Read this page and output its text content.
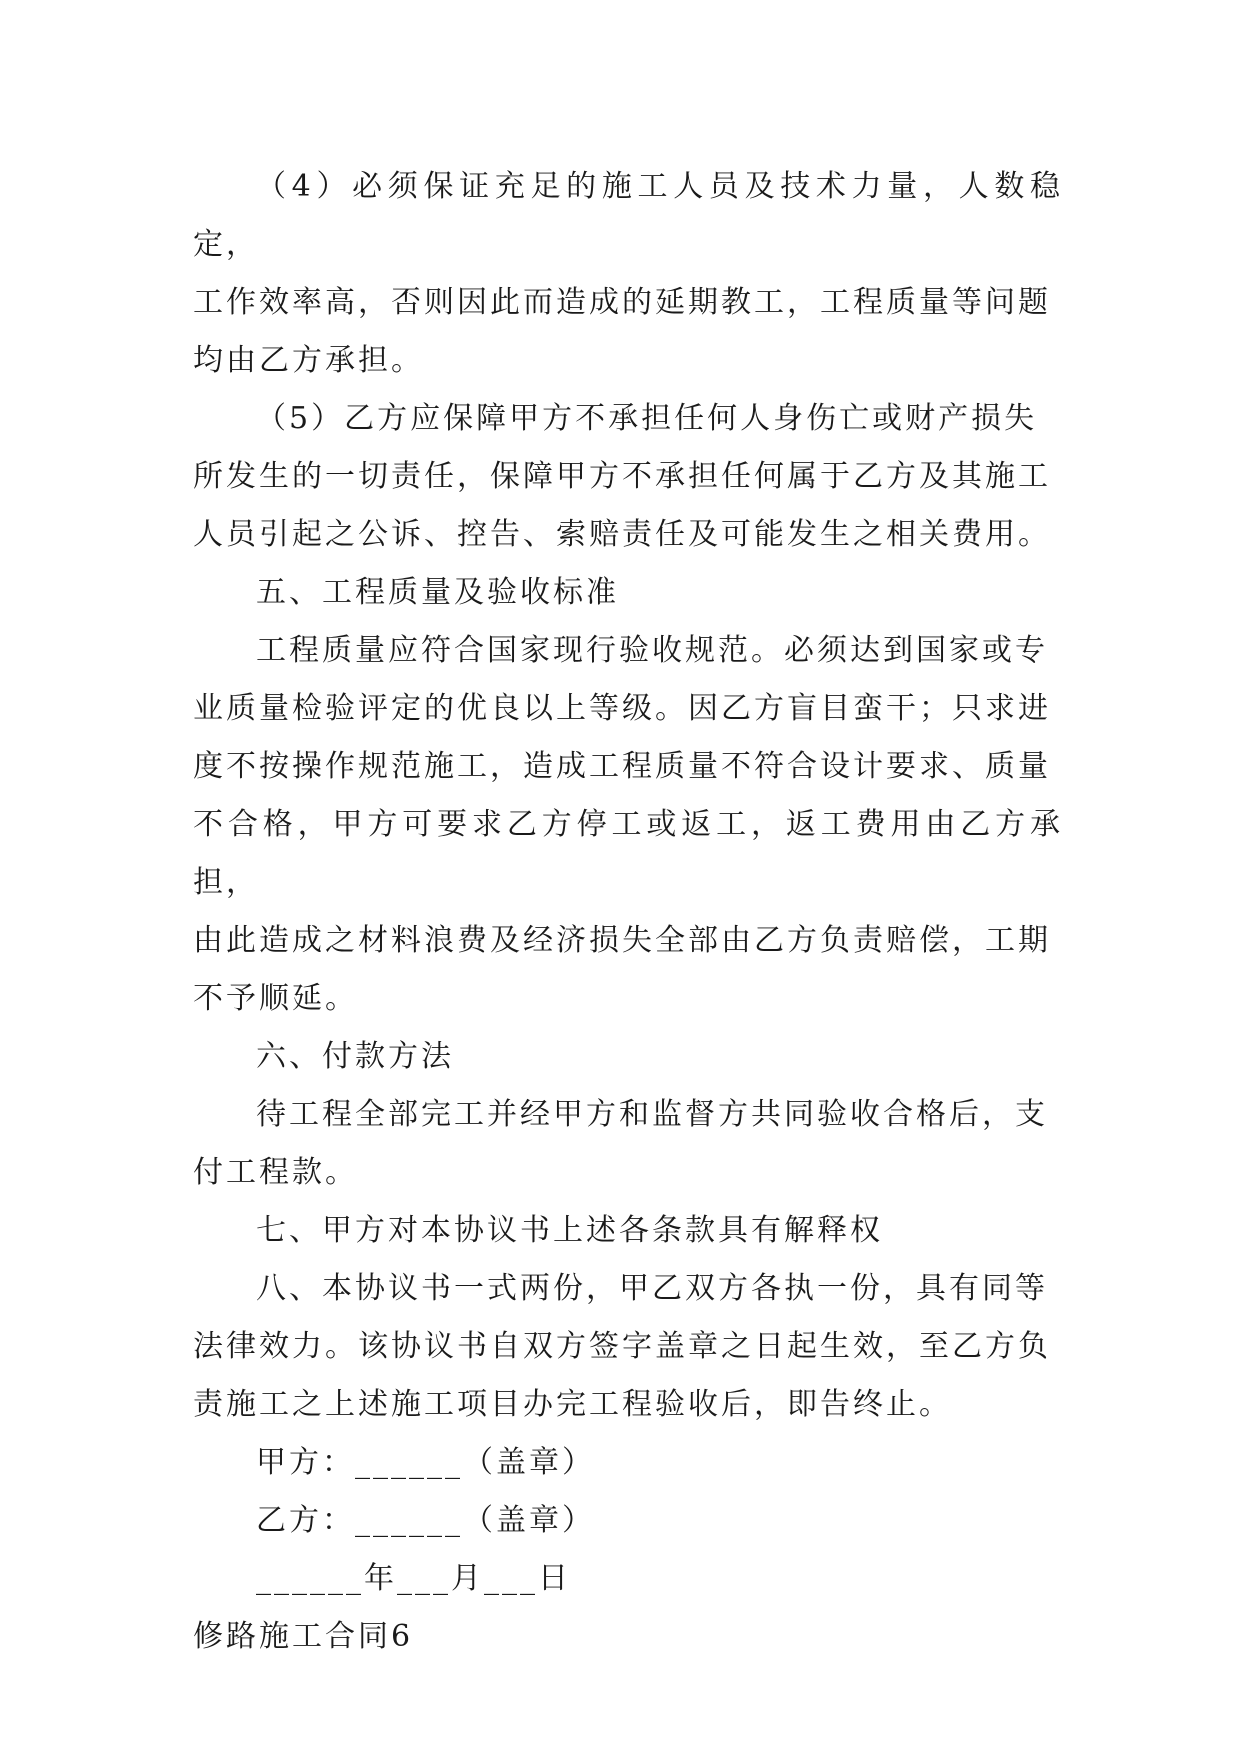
（4）必须保证充足的施工人员及技术力量，人数稳定，
工作效率高，否则因此而造成的延期教工，工程质量等问题
均由乙方承担。

（5）乙方应保障甲方不承担任何人身伤亡或财产损失
所发生的一切责任，保障甲方不承担任何属于乙方及其施工
人员引起之公诉、控告、索赔责任及可能发生之相关费用。

五、工程质量及验收标准

工程质量应符合国家现行验收规范。必须达到国家或专
业质量检验评定的优良以上等级。因乙方盲目蛮干；只求进
度不按操作规范施工，造成工程质量不符合设计要求、质量
不合格，甲方可要求乙方停工或返工，返工费用由乙方承担，
由此造成之材料浪费及经济损失全部由乙方负责赔偿，工期
不予顺延。

六、付款方法

待工程全部完工并经甲方和监督方共同验收合格后，支
付工程款。

七、甲方对本协议书上述各条款具有解释权

八、本协议书一式两份，甲乙双方各执一份，具有同等
法律效力。该协议书自双方签字盖章之日起生效，至乙方负
责施工之上述施工项目办完工程验收后，即告终止。

甲方：______（盖章）

乙方：______（盖章）

______年___月___日

修路施工合同6
